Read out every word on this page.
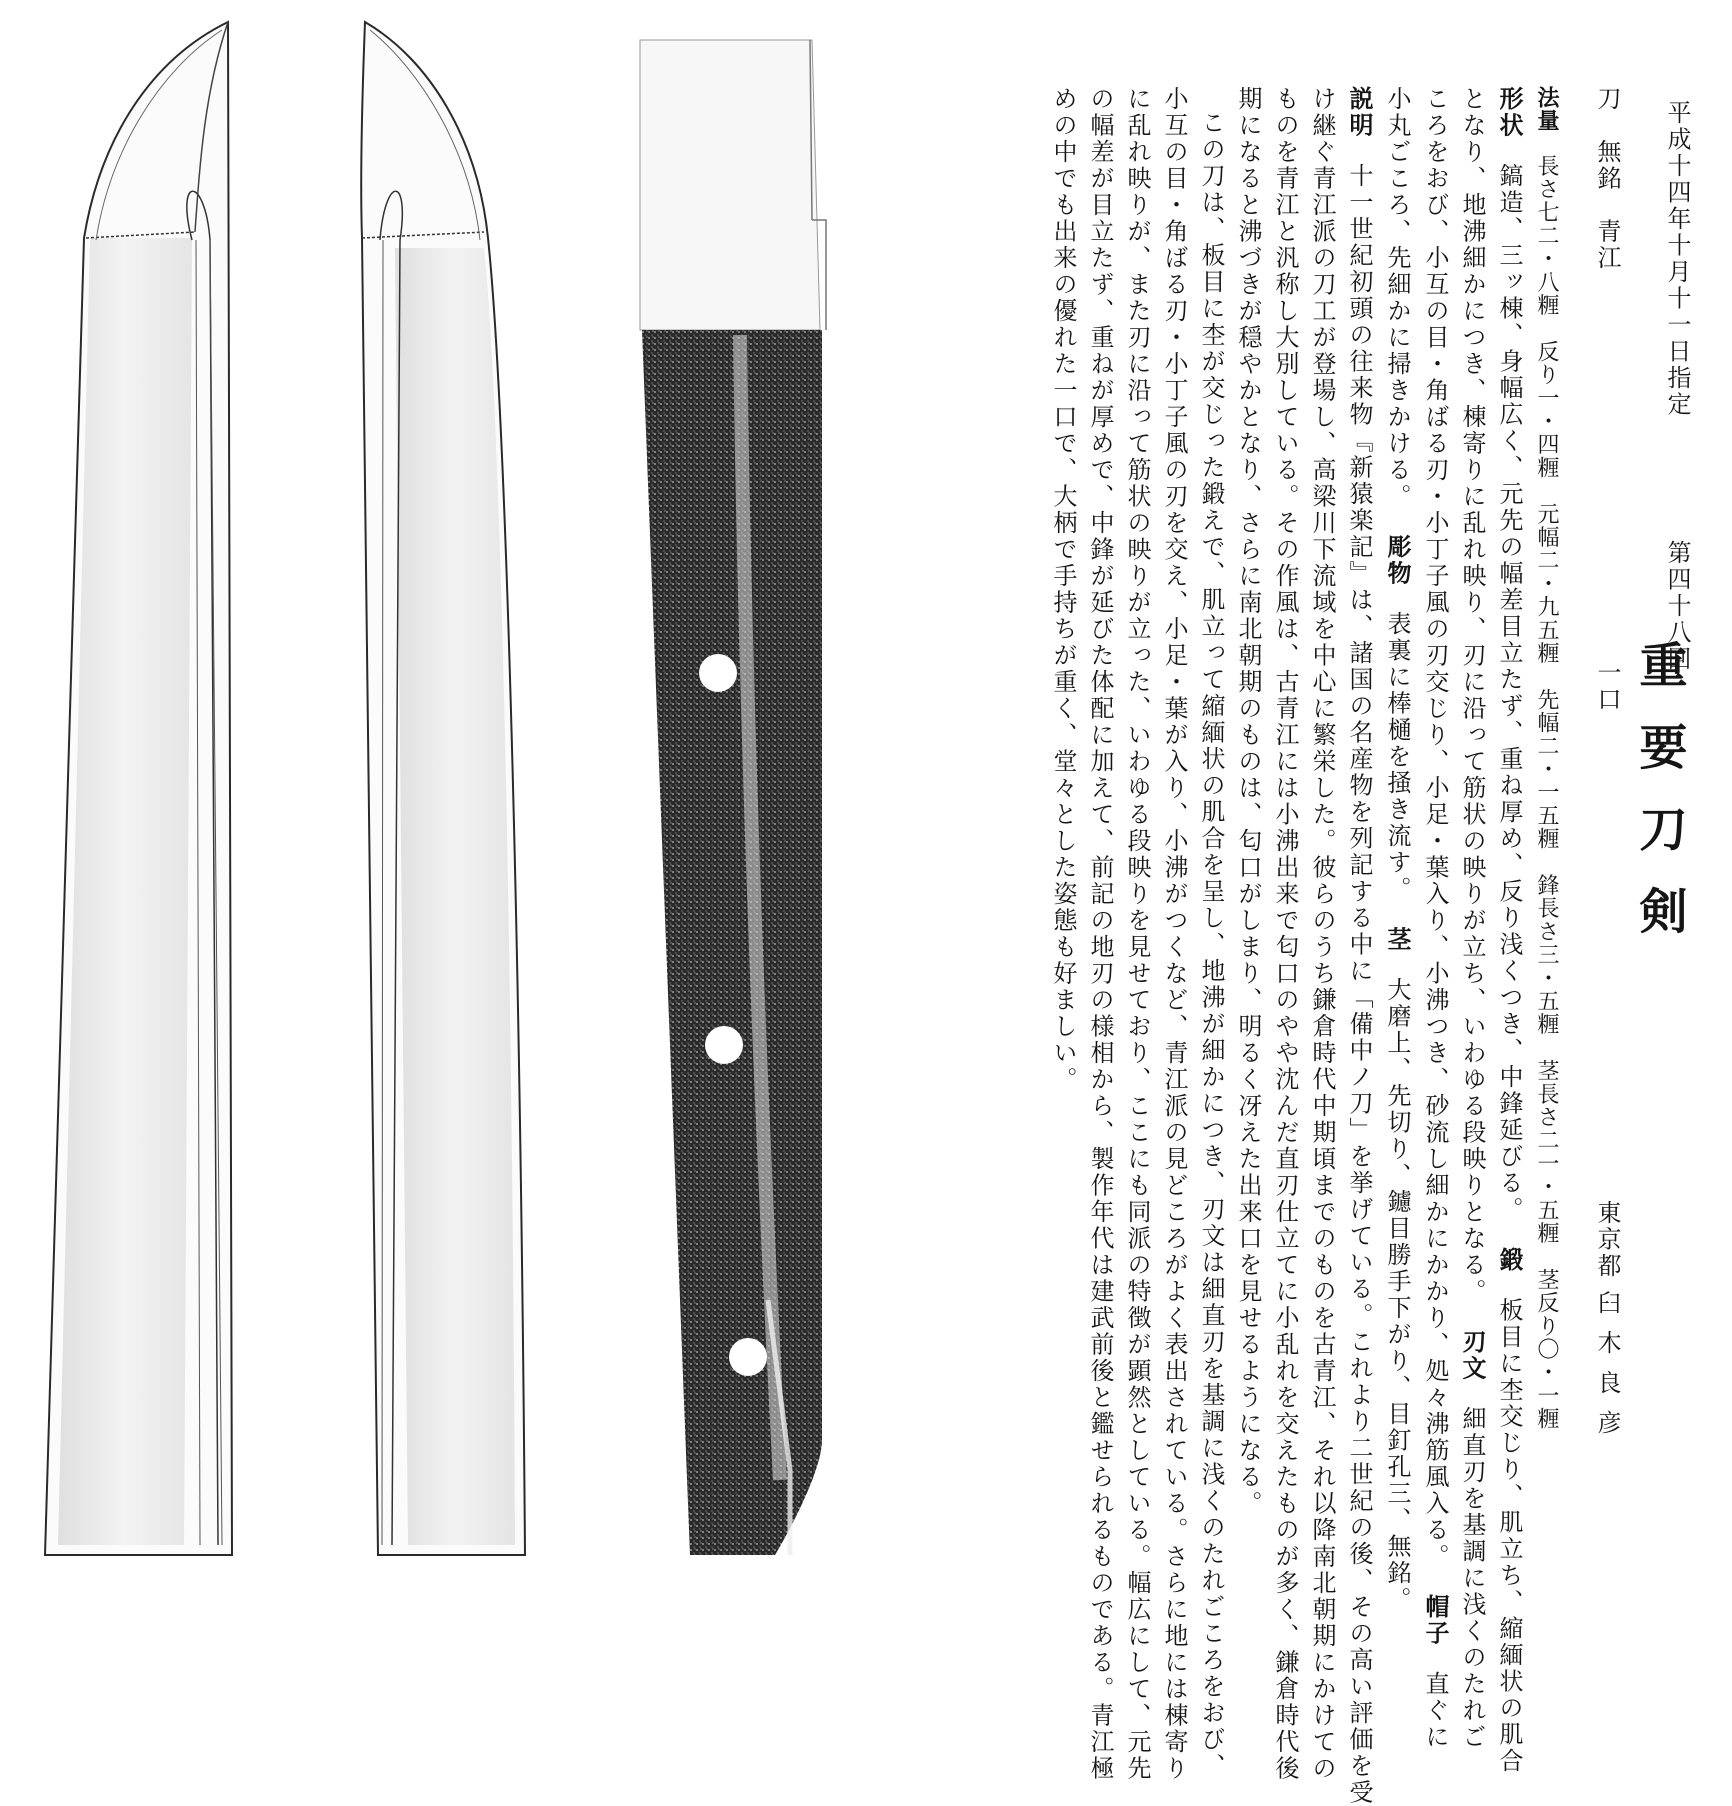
平成十四年十月十一日指定
第四十八回
重要刀剣
刀　無銘　青江
一口
東京都
臼木良彦
法量長さ七二・八糎　反り一・四糎　元幅二・九五糎　先幅二・一五糎　鋒長さ三・五糎　茎長さ二一・五糎　茎反り〇・一糎
形状鎬造、三ッ棟、身幅広く、元先の幅差目立たず、重ね厚め、反り浅くつき、中鋒延びる。鍛板目に杢交じり、肌立ち、縮緬状の肌合
となり、地沸細かにつき、棟寄りに乱れ映り、刃に沿って筋状の映りが立ち、いわゆる段映りとなる。刃文細直刃を基調に浅くのたれご
ころをおび、小互の目・角ばる刃・小丁子風の刃交じり、小足・葉入り、小沸つき、砂流し細かにかかり、処々沸筋風入る。帽子直ぐに
小丸ごころ、先細かに掃きかける。彫物表裏に棒樋を掻き流す。茎大磨上、先切り、鑢目勝手下がり、目釘孔三、無銘。
説明十一世紀初頭の往来物『新猿楽記』は、諸国の名産物を列記する中に「備中ノ刀」を挙げている。これより二世紀の後、その高い評価を受
け継ぐ青江派の刀工が登場し、高梁川下流域を中心に繁栄した。彼らのうち鎌倉時代中期頃までのものを古青江、それ以降南北朝期にかけての
ものを青江と汎称し大別している。その作風は、古青江には小沸出来で匂口のやや沈んだ直刃仕立てに小乱れを交えたものが多く、鎌倉時代後
期になると沸づきが穏やかとなり、さらに南北朝期のものは、匂口がしまり、明るく冴えた出来口を見せるようになる。
この刀は、板目に杢が交じった鍛えで、肌立って縮緬状の肌合を呈し、地沸が細かにつき、刃文は細直刃を基調に浅くのたれごころをおび、
小互の目・角ばる刃・小丁子風の刃を交え、小足・葉が入り、小沸がつくなど、青江派の見どころがよく表出されている。さらに地には棟寄り
に乱れ映りが、また刃に沿って筋状の映りが立った、いわゆる段映りを見せており、ここにも同派の特徴が顕然としている。幅広にして、元先
の幅差が目立たず、重ねが厚めで、中鋒が延びた体配に加えて、前記の地刃の様相から、製作年代は建武前後と鑑せられるものである。青江極
めの中でも出来の優れた一口で、大柄で手持ちが重く、堂々とした姿態も好ましい。
